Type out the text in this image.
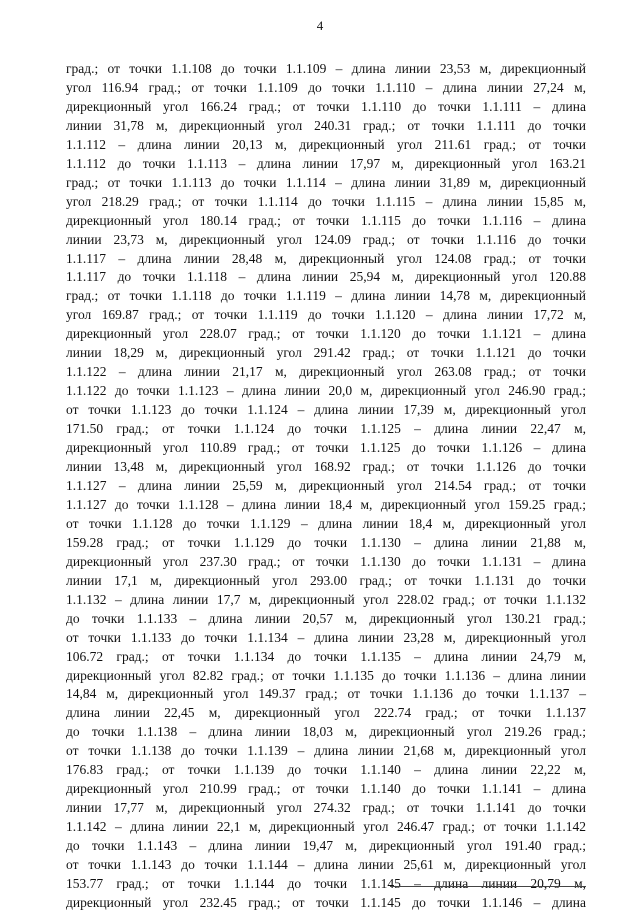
4
град.; от точки 1.1.108 до точки 1.1.109 – длина линии 23,53 м, дирекционный
угол 116.94 град.; от точки 1.1.109 до точки 1.1.110 – длина линии 27,24 м,
дирекционный угол 166.24 град.; от точки 1.1.110 до точки 1.1.111 – длина
линии 31,78 м, дирекционный угол 240.31 град.; от точки 1.1.111 до точки
1.1.112 – длина линии 20,13 м, дирекционный угол 211.61 град.; от точки
1.1.112 до точки 1.1.113 – длина линии 17,97 м, дирекционный угол 163.21
град.; от точки 1.1.113 до точки 1.1.114 – длина линии 31,89 м, дирекционный
угол 218.29 град.; от точки 1.1.114 до точки 1.1.115 – длина линии 15,85 м,
дирекционный угол 180.14 град.; от точки 1.1.115 до точки 1.1.116 – длина
линии 23,73 м, дирекционный угол 124.09 град.; от точки 1.1.116 до точки
1.1.117 – длина линии 28,48 м, дирекционный угол 124.08 град.; от точки
1.1.117 до точки 1.1.118 – длина линии 25,94 м, дирекционный угол 120.88
град.; от точки 1.1.118 до точки 1.1.119 – длина линии 14,78 м, дирекционный
угол 169.87 град.; от точки 1.1.119 до точки 1.1.120 – длина линии 17,72 м,
дирекционный угол 228.07 град.; от точки 1.1.120 до точки 1.1.121 – длина
линии 18,29 м, дирекционный угол 291.42 град.; от точки 1.1.121 до точки
1.1.122 – длина линии 21,17 м, дирекционный угол 263.08 град.; от точки
1.1.122 до точки 1.1.123 – длина линии 20,0 м, дирекционный угол 246.90 град.;
от точки 1.1.123 до точки 1.1.124 – длина линии 17,39 м, дирекционный угол
171.50 град.; от точки 1.1.124 до точки 1.1.125 – длина линии 22,47 м,
дирекционный угол 110.89 град.; от точки 1.1.125 до точки 1.1.126 – длина
линии 13,48 м, дирекционный угол 168.92 град.; от точки 1.1.126 до точки
1.1.127 – длина линии 25,59 м, дирекционный угол 214.54 град.; от точки
1.1.127 до точки 1.1.128 – длина линии 18,4 м, дирекционный угол 159.25 град.;
от точки 1.1.128 до точки 1.1.129 – длина линии 18,4 м, дирекционный угол
159.28 град.; от точки 1.1.129 до точки 1.1.130 – длина линии 21,88 м,
дирекционный угол 237.30 град.; от точки 1.1.130 до точки 1.1.131 – длина
линии 17,1 м, дирекционный угол 293.00 град.; от точки 1.1.131 до точки
1.1.132 – длина линии 17,7 м, дирекционный угол 228.02 град.; от точки 1.1.132
до точки 1.1.133 – длина линии 20,57 м, дирекционный угол 130.21 град.;
от точки 1.1.133 до точки 1.1.134 – длина линии 23,28 м, дирекционный угол
106.72 град.; от точки 1.1.134 до точки 1.1.135 – длина линии 24,79 м,
дирекционный угол 82.82 град.; от точки 1.1.135 до точки 1.1.136 – длина линии
14,84 м, дирекционный угол 149.37 град.; от точки 1.1.136 до точки 1.1.137 –
длина линии 22,45 м, дирекционный угол 222.74 град.; от точки 1.1.137
до точки 1.1.138 – длина линии 18,03 м, дирекционный угол 219.26 град.;
от точки 1.1.138 до точки 1.1.139 – длина линии 21,68 м, дирекционный угол
176.83 град.; от точки 1.1.139 до точки 1.1.140 – длина линии 22,22 м,
дирекционный угол 210.99 град.; от точки 1.1.140 до точки 1.1.141 – длина
линии 17,77 м, дирекционный угол 274.32 град.; от точки 1.1.141 до точки
1.1.142 – длина линии 22,1 м, дирекционный угол 246.47 град.; от точки 1.1.142
до точки 1.1.143 – длина линии 19,47 м, дирекционный угол 191.40 град.;
от точки 1.1.143 до точки 1.1.144 – длина линии 25,61 м, дирекционный угол
153.77 град.; от точки 1.1.144 до точки 1.1.145 – длина линии 20,79 м,
дирекционный угол 232.45 град.; от точки 1.1.145 до точки 1.1.146 – длина
